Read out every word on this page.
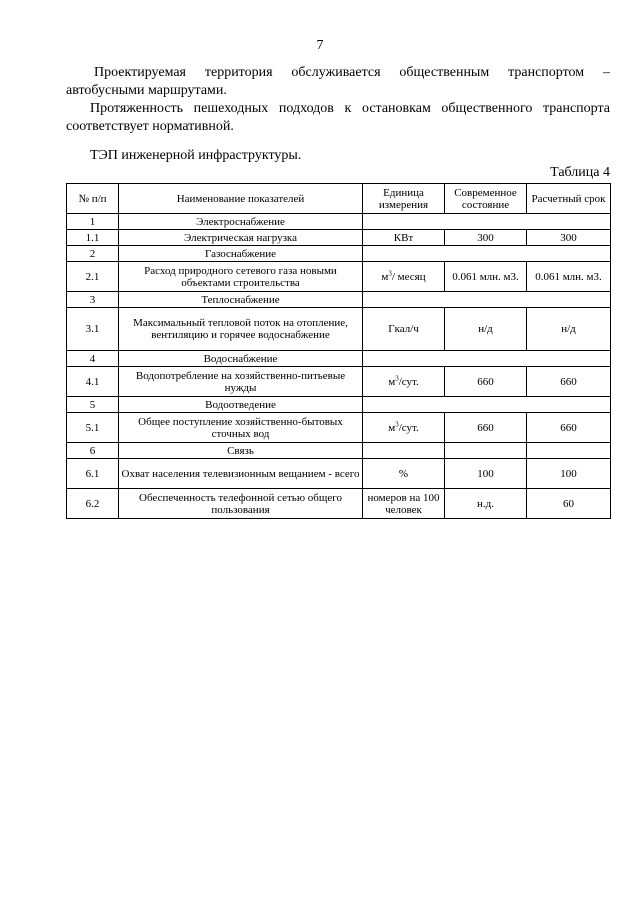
7
Проектируемая территория обслуживается общественным транспортом – автобусными маршрутами.
Протяженность пешеходных подходов к остановкам общественного транспорта соответствует нормативной.
ТЭП инженерной инфраструктуры.
Таблица 4
№ п/п	Наименование показателей	Единица измерения	Современное состояние	Расчетный срок
1	Электроснабжение			
1.1	Электрическая нагрузка	КВт	300	300
2	Газоснабжение			
2.1	Расход природного сетевого газа новыми объектами строительства	$м^3/$ месяц	0.061 млн. м3.	0.061 млн. м3.
3	Теплоснабжение			
3.1	Максимальный тепловой поток на отопление, вентиляцию и горячее водоснабжение	Гкал/ч	н/д	н/д
4	Водоснабжение			
4.1	Водопотребление на хозяйственно-питьевые нужды	$м^3$/сут.	660	660
5	Водоотведение			
5.1	Общее поступление хозяйственно-бытовых сточных вод	$м^3$/сут.	660	660
6	Связь			
6.1	Охват населения телевизионным вещанием - всего	%	100	100
6.2	Обеспеченность телефонной сетью общего пользования	номеров на 100 человек	н.д.	60
